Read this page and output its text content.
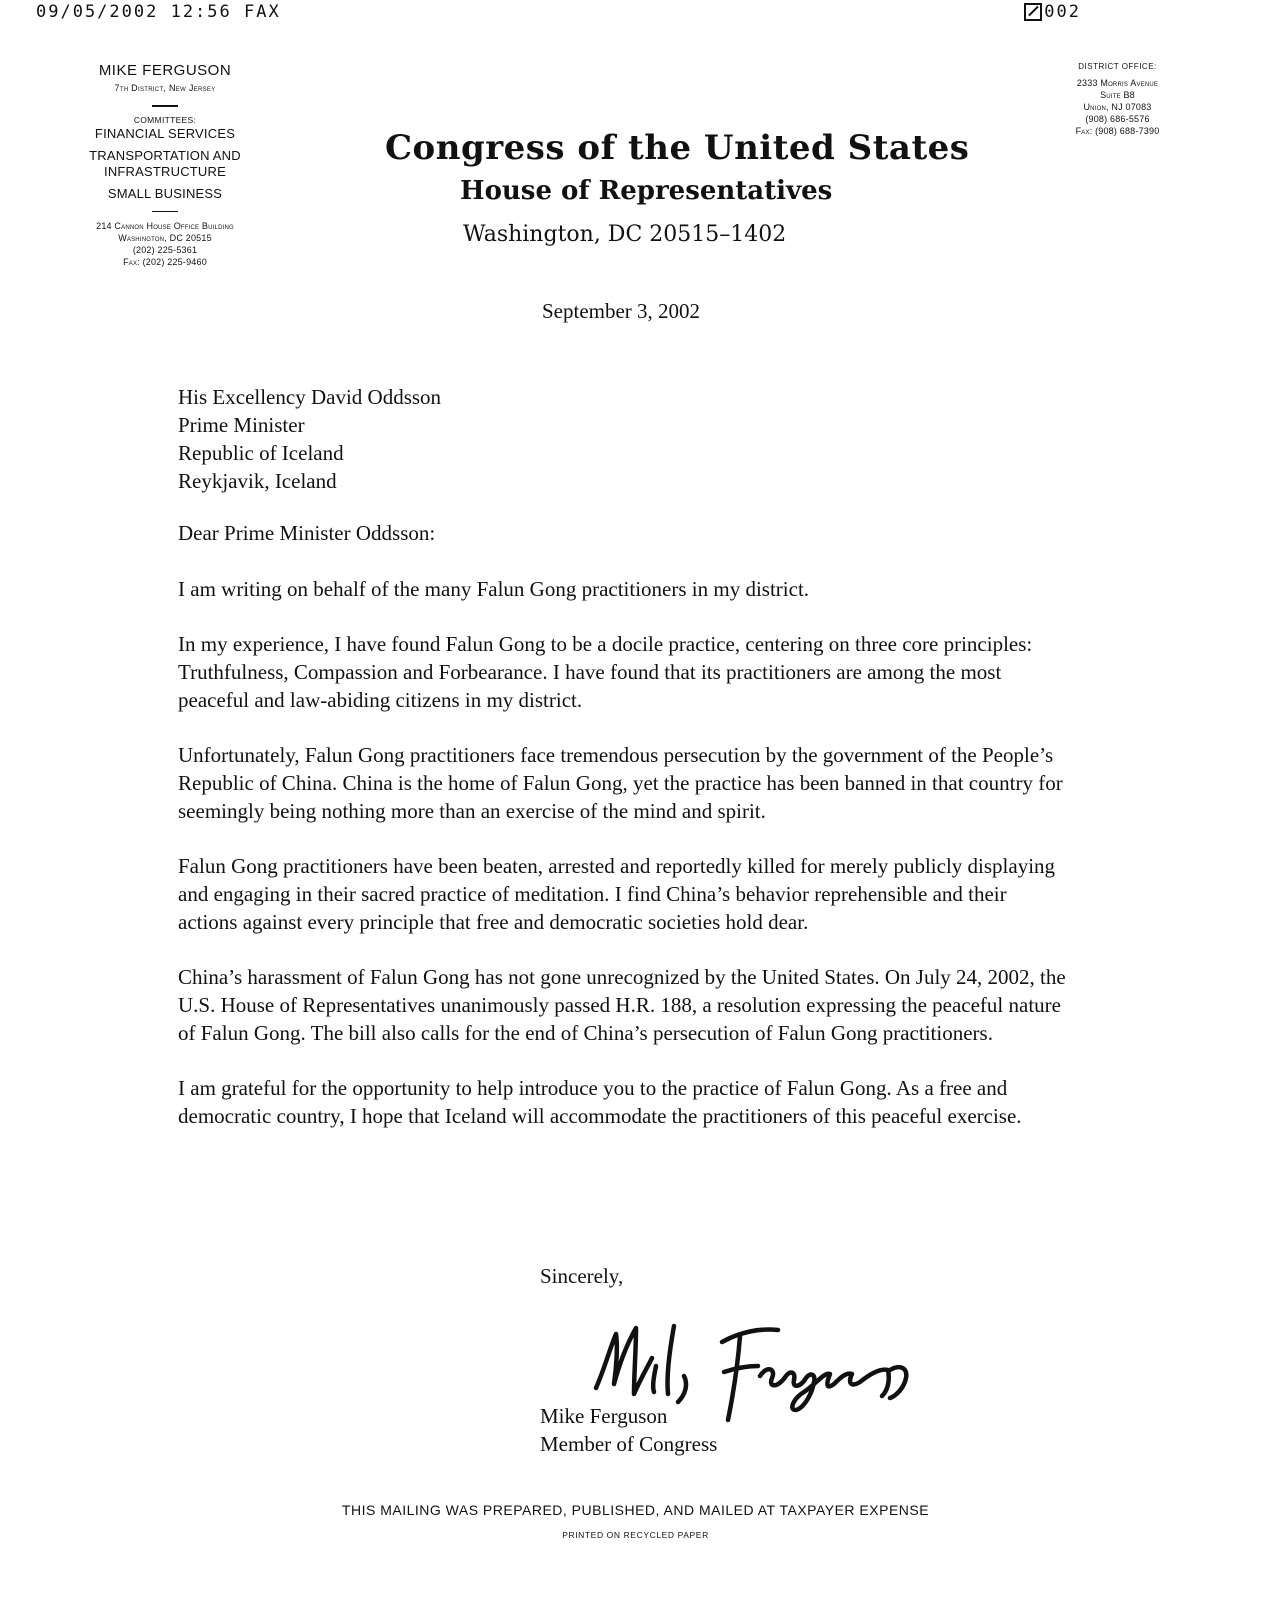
09/05/2002 12:56 FAX	002
MIKE FERGUSON
7th District, New Jersey
COMMITTEES:
FINANCIAL SERVICES
TRANSPORTATION AND
INFRASTRUCTURE
SMALL BUSINESS
214 Cannon House Office Building
Washington, DC 20515
(202) 225-5361
Fax: (202) 225-9460
DISTRICT OFFICE:
2333 Morris Avenue
Suite B8
Union, NJ 07083
(908) 686-5576
Fax: (908) 688-7390
Congress of the United States
House of Representatives
Washington, DC 20515–1402
September 3, 2002
His Excellency David Oddsson
Prime Minister
Republic of Iceland
Reykjavik, Iceland
Dear Prime Minister Oddsson:

I am writing on behalf of the many Falun Gong practitioners in my district.

In my experience, I have found Falun Gong to be a docile practice, centering on three core principles: Truthfulness, Compassion and Forbearance. I have found that its practitioners are among the most peaceful and law-abiding citizens in my district.

Unfortunately, Falun Gong practitioners face tremendous persecution by the government of the People’s Republic of China. China is the home of Falun Gong, yet the practice has been banned in that country for seemingly being nothing more than an exercise of the mind and spirit.

Falun Gong practitioners have been beaten, arrested and reportedly killed for merely publicly displaying and engaging in their sacred practice of meditation. I find China’s behavior reprehensible and their actions against every principle that free and democratic societies hold dear.

China’s harassment of Falun Gong has not gone unrecognized by the United States. On July 24, 2002, the U.S. House of Representatives unanimously passed H.R. 188, a resolution expressing the peaceful nature of Falun Gong. The bill also calls for the end of China’s persecution of Falun Gong practitioners.

I am grateful for the opportunity to help introduce you to the practice of Falun Gong. As a free and democratic country, I hope that Iceland will accommodate the practitioners of this peaceful exercise.

Sincerely,
Mike Ferguson
Member of Congress
THIS MAILING WAS PREPARED, PUBLISHED, AND MAILED AT TAXPAYER EXPENSE
PRINTED ON RECYCLED PAPER
